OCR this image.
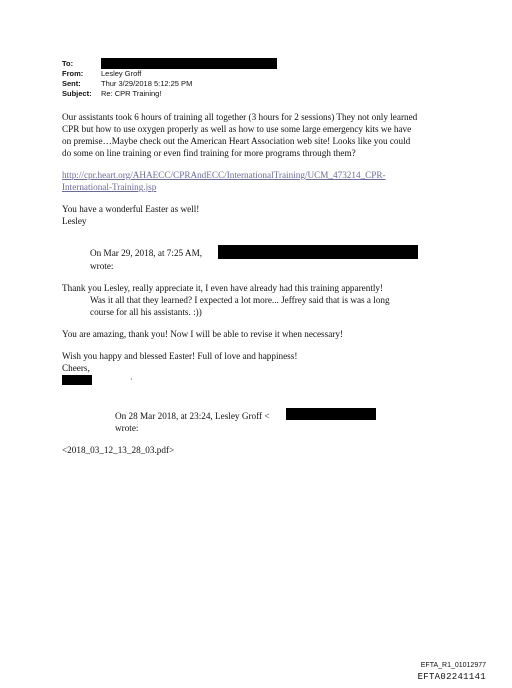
To:
From: Lesley Groff
Sent:	Thur 3/29/2018 5:12:25 PM
Subject: Re: CPR Training!
Our assistants took 6 hours of training all together (3 hours for 2 sessions) They not only learned
CPR but how to use oxygen properly as well as how to use some large emergency kits we have
on premise…Maybe check out the American Heart Association web site! Looks like you could
do some on line training or even find training for more programs through them?
http://cpr.heart.org/AHAECC/CPRAndECC/InternationalTraining/UCM_473214_CPR-
International-Training.jsp
You have a wonderful Easter as well!
Lesley
On Mar 29, 2018, at 7:25 AM,
wrote:
Thank you Lesley, really appreciate it, I even have already had this training apparently!
Was it all that they learned? I expected a lot more... Jeffrey said that is was a long
course for all his assistants. :))
You are amazing, thank you! Now I will be able to revise it when necessary!
Wish you happy and blessed Easter! Full of love and happiness!
Cheers,
·
On 28 Mar 2018, at 23:24, Lesley Groff <
wrote:
<2018_03_12_13_28_03.pdf>
EFTA_R1_01012977
EFTA02241141
